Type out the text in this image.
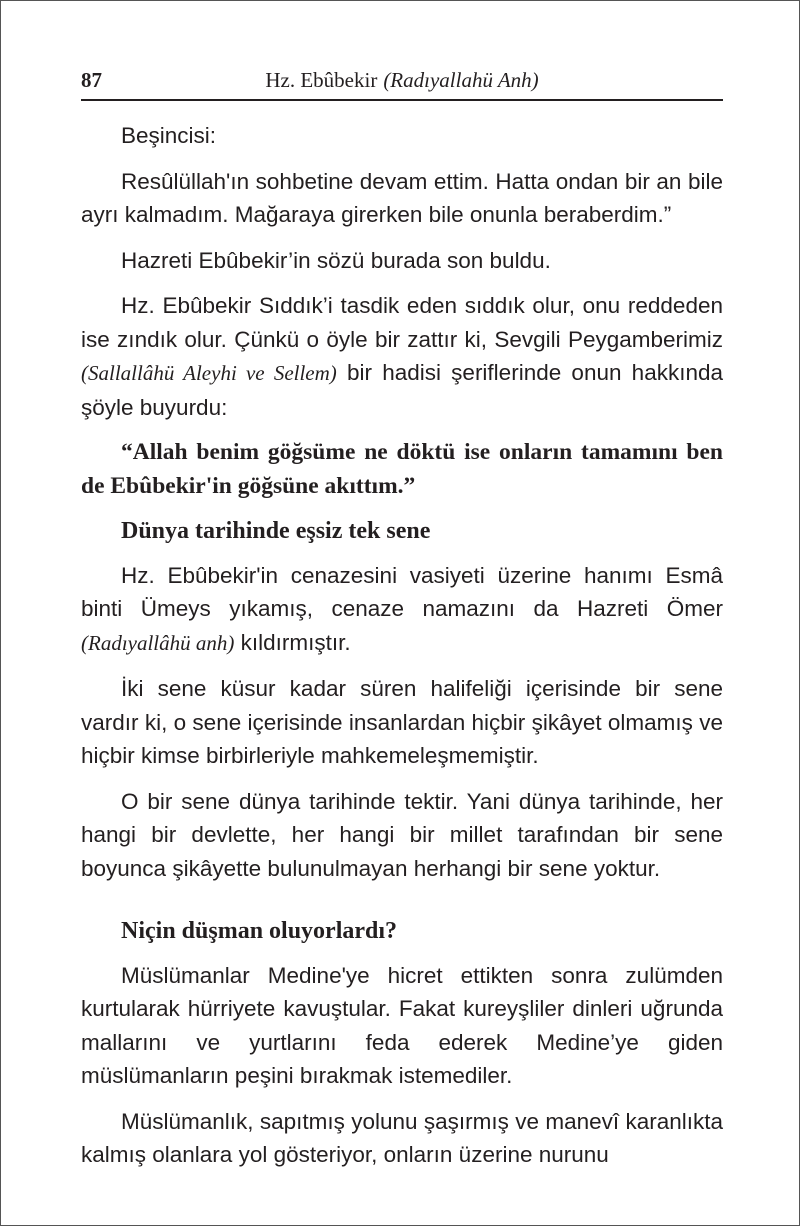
87	Hz. Ebûbekir (Radıyallahü Anh)

Beşincisi:

Resûlüllah'ın sohbetine devam ettim. Hatta ondan bir an bile ayrı kalmadım. Mağaraya girerken bile onunla beraberdim.”

Hazreti Ebûbekir’in sözü burada son buldu.

Hz. Ebûbekir Sıddık’i tasdik eden sıddık olur, onu reddeden ise zındık olur. Çünkü o öyle bir zattır ki, Sevgili Peygamberimiz (Sallallâhü Aleyhi ve Sellem) bir hadisi şeriflerinde onun hakkında şöyle buyurdu:

“Allah benim göğsüme ne döktü ise onların tamamını ben de Ebûbekir'in göğsüne akıttım.”

Dünya tarihinde eşsiz tek sene

Hz. Ebûbekir'in cenazesini vasiyeti üzerine hanımı Esmâ binti Ümeys yıkamış, cenaze namazını da Hazreti Ömer (Radıyallâhü anh) kıldırmıştır.

İki sene küsur kadar süren halifeliği içerisinde bir sene vardır ki, o sene içerisinde insanlardan hiçbir şikâyet olmamış ve hiçbir kimse birbirleriyle mahkemeleşmemiştir.

O bir sene dünya tarihinde tektir. Yani dünya tarihinde, her hangi bir devlette, her hangi bir millet tarafından bir sene boyunca şikâyette bulunulmayan herhangi bir sene yoktur.

Niçin düşman oluyorlardı?

Müslümanlar Medine'ye hicret ettikten sonra zulümden kurtularak hürriyete kavuştular. Fakat kureyşliler dinleri uğrunda mallarını ve yurtlarını feda ederek Medine’ye giden müslümanların peşini bırakmak istemediler.

Müslümanlık, sapıtmış yolunu şaşırmış ve manevî karanlıkta kalmış olanlara yol gösteriyor, onların üzerine nurunu
